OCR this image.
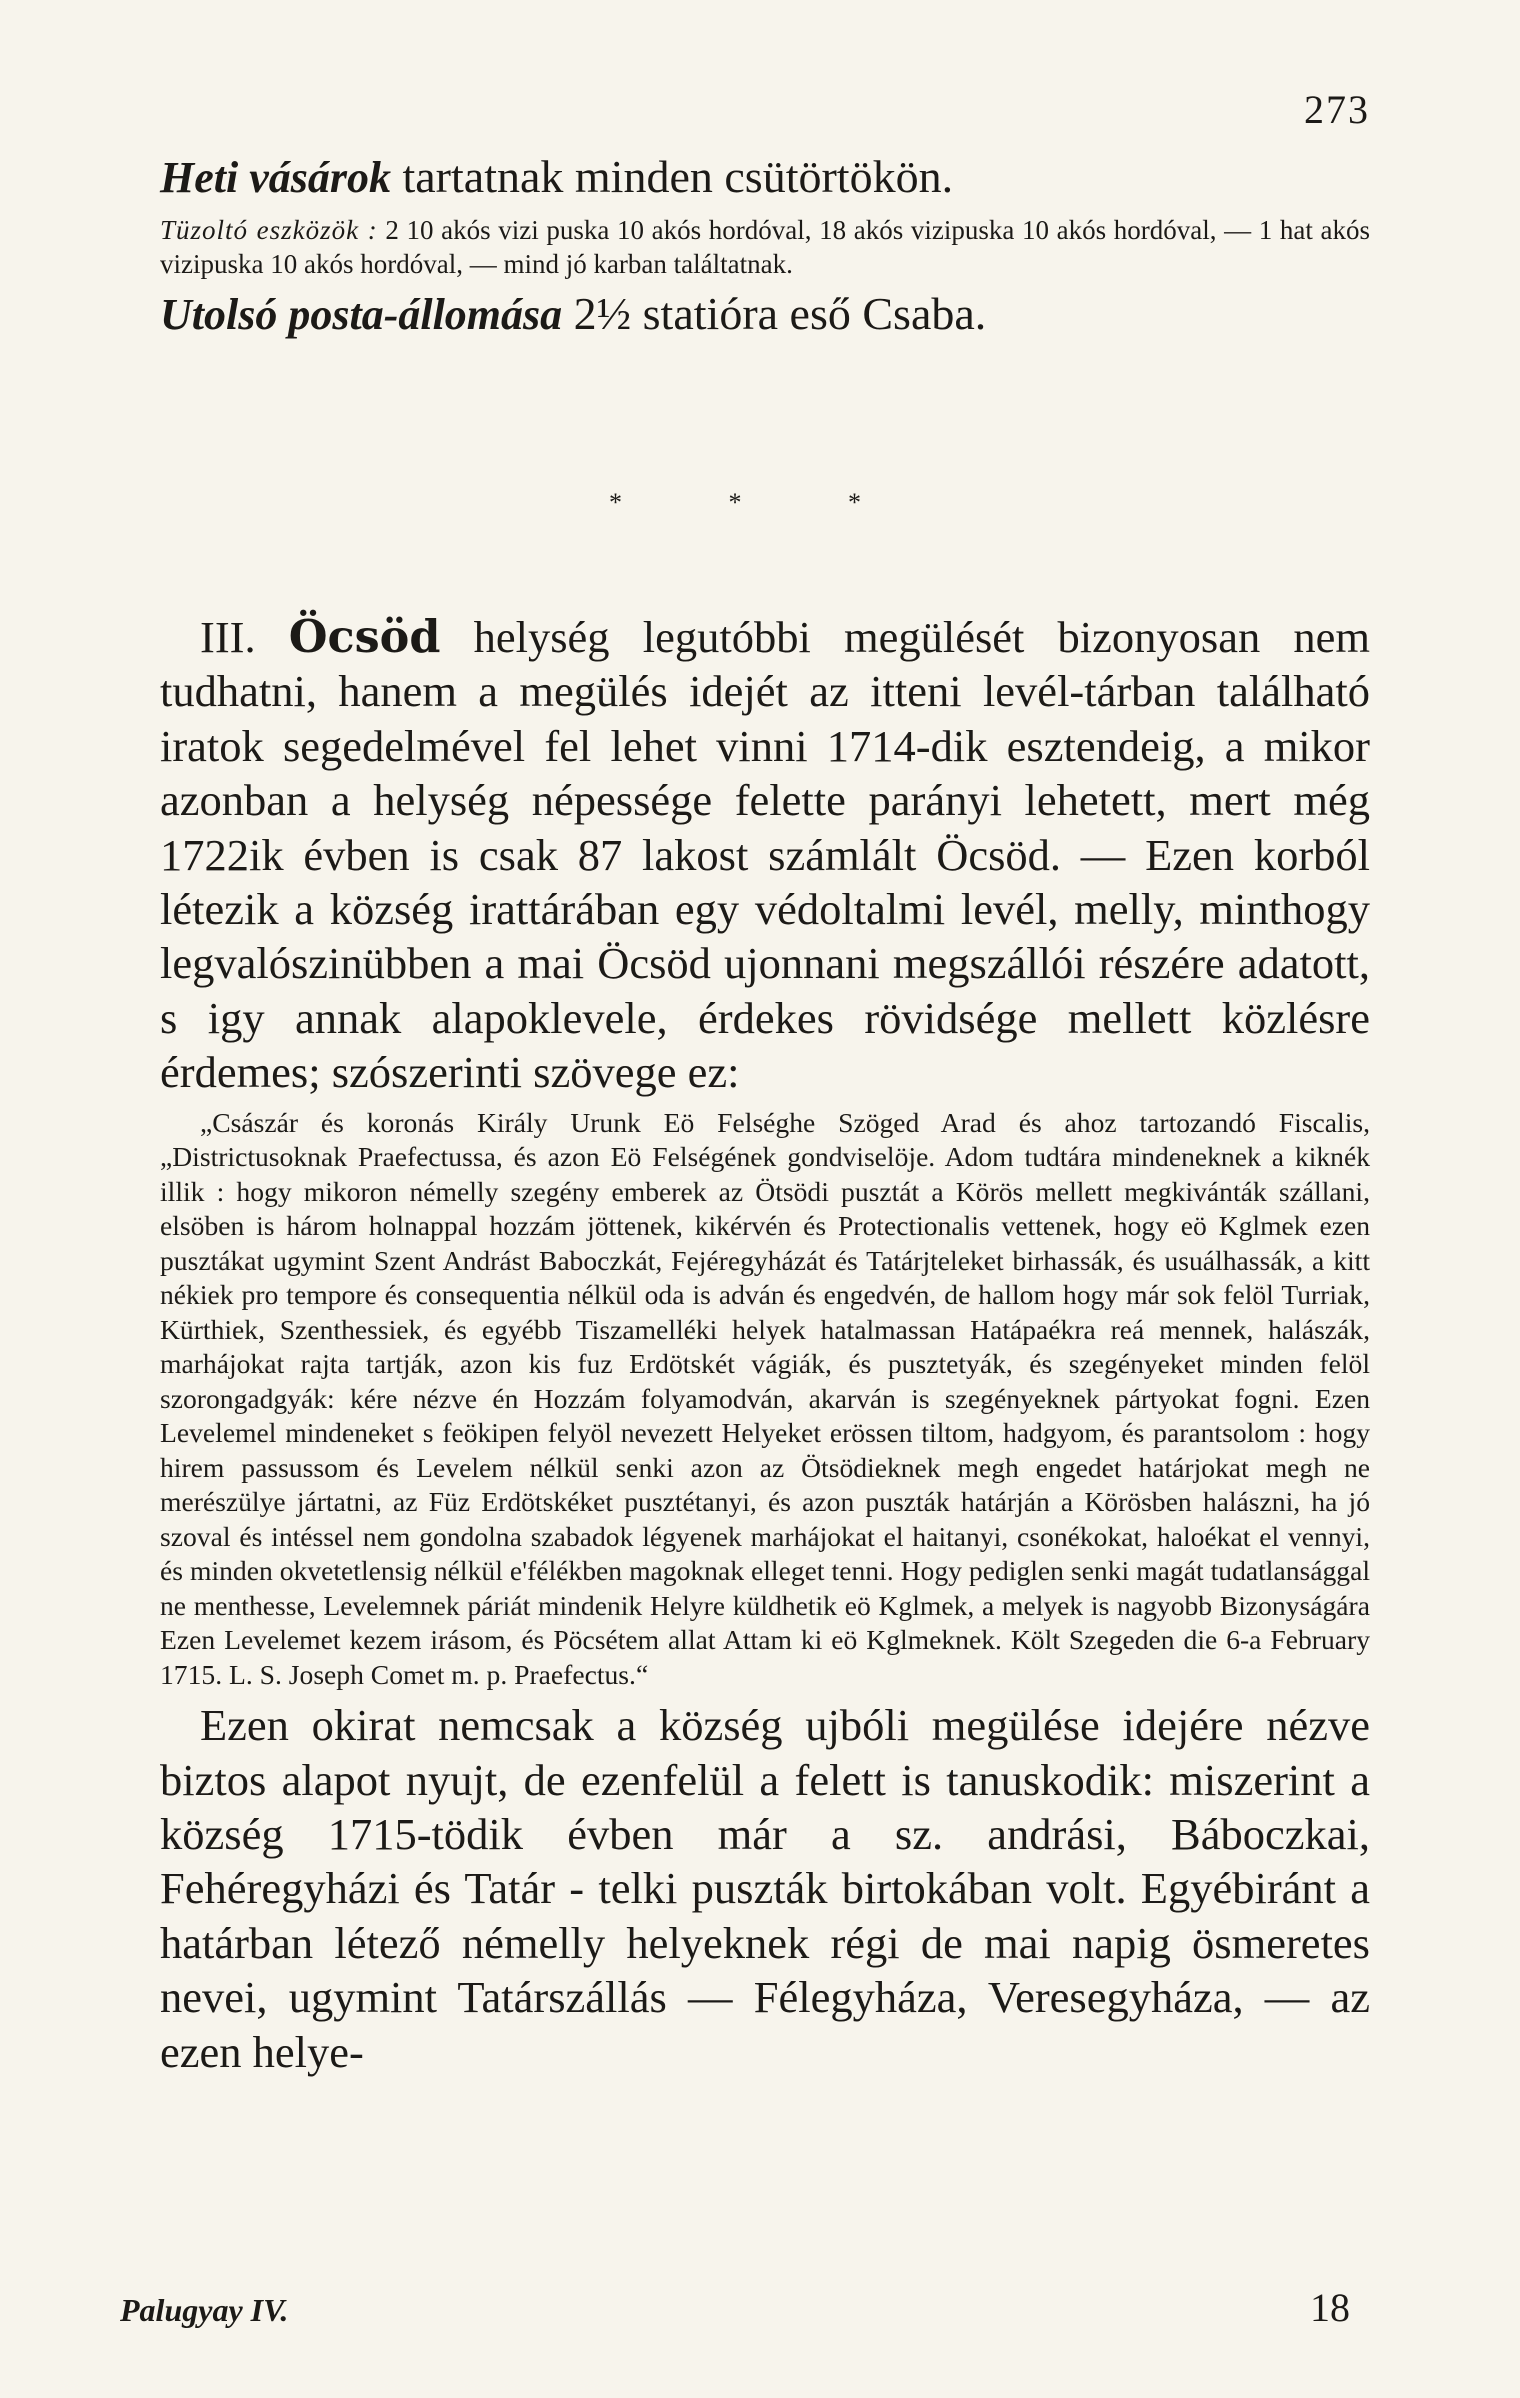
273

Heti vásárok tartatnak minden csütörtökön.

Tüzoltó eszközök : 2 10 akós vizi puska 10 akós hordóval, 18 akós vizipuska 10 akós hordóval, — 1 hat akós vizipuska 10 akós hordóval, — mind jó karban találtatnak.

Utolsó posta-állomása 2½ statióra eső Csaba.

* * *

III. Öcsöd helység legutóbbi megülését bizonyosan nem tudhatni, hanem a megülés idejét az itteni levél-tárban található iratok segedelmével fel lehet vinni 1714-dik esztendeig, a mikor azonban a helység népessége felette parányi lehetett, mert még 1722ik évben is csak 87 lakost számlált Öcsöd. — Ezen korból létezik a község irattárában egy védoltalmi levél, melly, minthogy legvalószinübben a mai Öcsöd ujonnani megszállói részére adatott, s igy annak alapoklevele, érdekes rövidsége mellett közlésre érdemes; szószerinti szövege ez:

„Császár és koronás Király Urunk Eö Felséghe Szöged Arad és ahoz tartozandó Fiscalis, „Districtusoknak Praefectussa, és azon Eö Felségének gondviselöje. Adom tudtára mindeneknek a kiknék illik : hogy mikoron némelly szegény emberek az Ötsödi pusztát a Körös mellett megkivánták szállani, elsöben is három holnappal hozzám jöttenek, kikérvén és Protectionalis vettenek, hogy eö Kglmek ezen pusztákat ugymint Szent Andrást Baboczkát, Fejéregyházát és Tatárjteleket birhassák, és usuálhassák, a kitt nékiek pro tempore és consequentia nélkül oda is adván és engedvén, de hallom hogy már sok felöl Turriak, Kürthiek, Szenthessiek, és egyébb Tiszamelléki helyek hatalmassan Hatáраékra reá mennek, halászák, marhájokat rajta tartják, azon kis fuz Erdötskét vágiák, és pusztetyák, és szegényeket minden felöl szorongadgyák: kére nézve én Hozzám folyamodván, akarván is szegényeknek pártyokat fogni. Ezen Levelemel mindeneket s feökipen felyöl nevezett Helyeket erössen tiltom, hadgyom, és parantsolom : hogy hirem passussom és Levelem nélkül senki azon az Ötsödieknek megh engedet határjokat megh ne merészülye jártatni, az Füz Erdötskéket pusztétanyi, és azon puszták határján a Körösben halászni, ha jó szoval és intéssel nem gondolna szabadok légyenek marhájokat el haitanyi, csonékokat, haloékat el vennyi, és minden okvetetlensig nélkül e'félékben magoknak elleget tenni. Hogy pediglen senki magát tudatlansággal ne menthesse, Levelemnek páriát mindenik Helyre küldhetik eö Kglmek, a melyek is nagyobb Bizonyságára Ezen Levelemet kezem irásom, és Pöcsétem allat Attam ki eö Kglmeknek. Költ Szegeden die 6-a February 1715. L. S. Joseph Comet m. p. Praefectus.“

Ezen okirat nemcsak a község ujbóli megülése idejére nézve biztos alapot nyujt, de ezenfelül a felett is tanuskodik: miszerint a község 1715-tödik évben már a sz. andrási, Báboczkai, Fehéregyházi és Tatár - telki puszták birtokában volt. Egyébiránt a határban létező némelly helyeknek régi de mai napig ösmeretes nevei, ugymint Tatárszállás — Félegyháza, Veresegyháza, — az ezen helye-

Palugyay IV.	18
